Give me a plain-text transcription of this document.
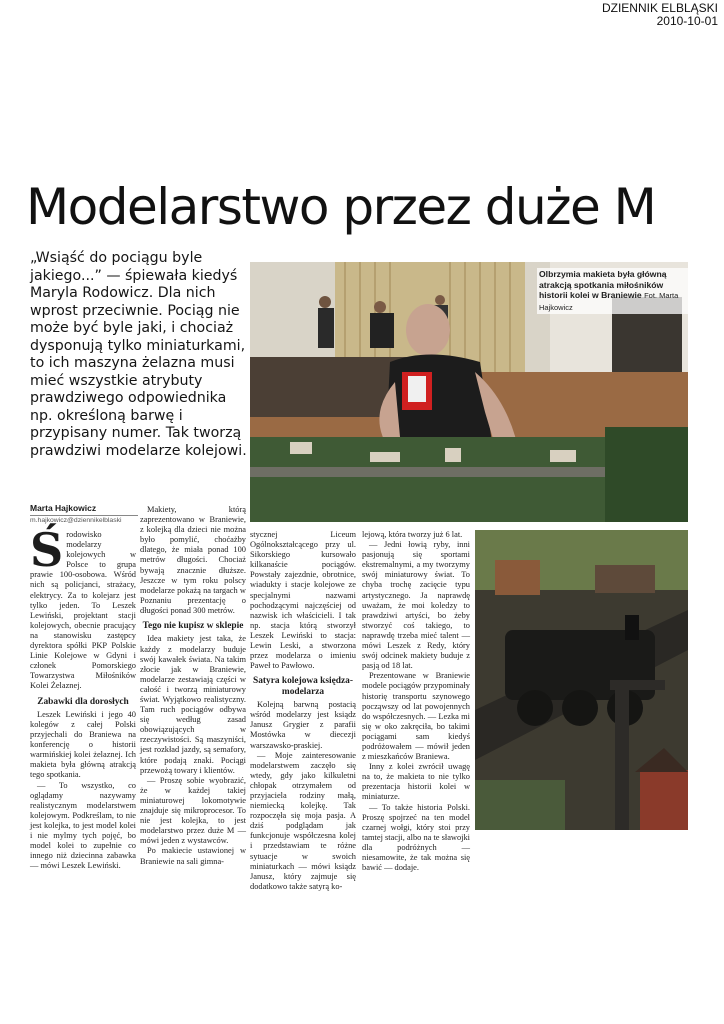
DZIENNIK ELBLĄSKI
2010-10-01
Modelarstwo przez duże M
„Wsiąść do pociągu byle jakiego...” — śpiewała kiedyś Maryla Rodowicz. Dla nich wprost przeciwnie. Pociąg nie może być byle jaki, i chociaż dysponują tylko miniaturkami, to ich maszyna żelazna musi mieć wszystkie atrybuty prawdziwego odpowiednika np. określoną barwę i przypisany numer. Tak tworzą prawdziwi modelarze kolejowi.
Olbrzymia makieta była główną atrakcją spotkania miłośników historii kolei w Braniewie Fot. Marta Hajkowicz
Marta Hajkowicz
m.hajkowicz@dziennikelblaski

Środowisko modelarzy kolejowych w Polsce to grupa prawie 100-osobowa. Wśród nich są policjanci, strażacy, elektrycy. Za to kolejarz jest tylko jeden. To Leszek Lewiński, projektant stacji kolejowych, obecnie pracujący na stanowisku zastępcy dyrektora spółki PKP Polskie Linie Kolejowe w Gdyni i członek Pomorskiego Towarzystwa Miłośników Kolei Żelaznej.

Zabawki dla dorosłych

Leszek Lewiński i jego 40 kolegów z całej Polski przyjechali do Braniewa na konferencję o historii warmińskiej kolei żelaznej. Ich makieta była główną atrakcją tego spotkania.

— To wszystko, co oglądamy nazywamy realistycznym modelarstwem kolejowym. Podkreślam, to nie jest kolejka, to jest model kolei i nie mylmy tych pojęć, bo model kolei to zupełnie co innego niż dziecinna zabawka — mówi Leszek Lewiński.

Makiety, którą zaprezentowano w Braniewie, z kolejką dla dzieci nie można było pomylić, choćażby dlatego, że miała ponad 100 metrów długości. Chociaż bywają znacznie dłuższe. Jeszcze w tym roku polscy modelarze pokażą na targach w Poznaniu prezentację o długości ponad 300 metrów.

Tego nie kupisz w sklepie

Idea makiety jest taka, że każdy z modelarzy buduje swój kawałek świata. Na takim złocie jak w Braniewie, modelarze zestawiają części w całość i tworzą miniaturowy świat. Wyjątkowo realistyczny. Tam ruch pociągów odbywa się według zasad obowiązujących w rzeczywistości. Są maszyniści, jest rozkład jazdy, są semafory, które podają znaki. Pociągi przewożą towary i klientów.

— Proszę sobie wyobrazić, że w każdej takiej miniaturowej lokomotywie znajduje się mikroprocesor. To nie jest kolejka, to jest modelarstwo przez duże M — mówi jeden z wystawców.

Po makiecie ustawionej w Braniewie na sali gimna-

stycznej Liceum Ogólnokształcącego przy ul. Sikorskiego kursowało kilkanaście pociągów. Powstały zajezdnie, obrotnice, wiadukty i stacje kolejowe ze specjalnymi nazwami pochodzącymi najczęściej od nazwisk ich właścicieli. I tak np. stacja którą stworzył Leszek Lewiński to stacja: Lewin Leski, a stworzona przez modelarza o imieniu Paweł to Pawłowo.

Satyra kolejowa księdza-modelarza

Kolejną barwną postacią wśród modelarzy jest ksiądz Janusz Grygier z parafii Mostówka w diecezji warszawsko-praskiej.

— Moje zainteresowanie modelarstwem zaczęło się wtedy, gdy jako kilkuletni chłopak otrzymałem od przyjaciela rodziny małą, niemiecką kolejkę. Tak rozpoczęła się moja pasja. A dziś podglądam jak funkcjonuje współczesna kolej i przedstawiam te różne sytuacje w swoich miniaturkach — mówi ksiądz Janusz, który zajmuje się dodatkowo także satyrą ko-

lejową, która tworzy już 6 lat.

— Jedni łowią ryby, inni pasjonują się sportami ekstremalnymi, a my tworzymy swój miniaturowy świat. To chyba trochę zacięcie typu artystycznego. Ja naprawdę uważam, że moi koledzy to prawdziwi artyści, bo żeby stworzyć coś takiego, to naprawdę trzeba mieć talent — mówi Leszek z Redy, który swój odcinek makiety buduje z pasją od 18 lat.

Prezentowane w Braniewie modele pociągów przypominały historię transportu szynowego począwszy od lat powojennych do współczesnych. — Lezka mi się w oko zakręciła, bo takimi pociągami sam kiedyś podróżowałem — mówił jeden z mieszkańców Braniewa.

Inny z kolei zwrócił uwagę na to, że makieta to nie tylko prezentacja historii kolei w miniaturze.

— To także historia Polski. Proszę spojrzeć na ten model czarnej wołgi, który stoi przy tamtej stacji, albo na te sławojki dla podróżnych — niesamowite, że tak można się bawić — dodaje.
